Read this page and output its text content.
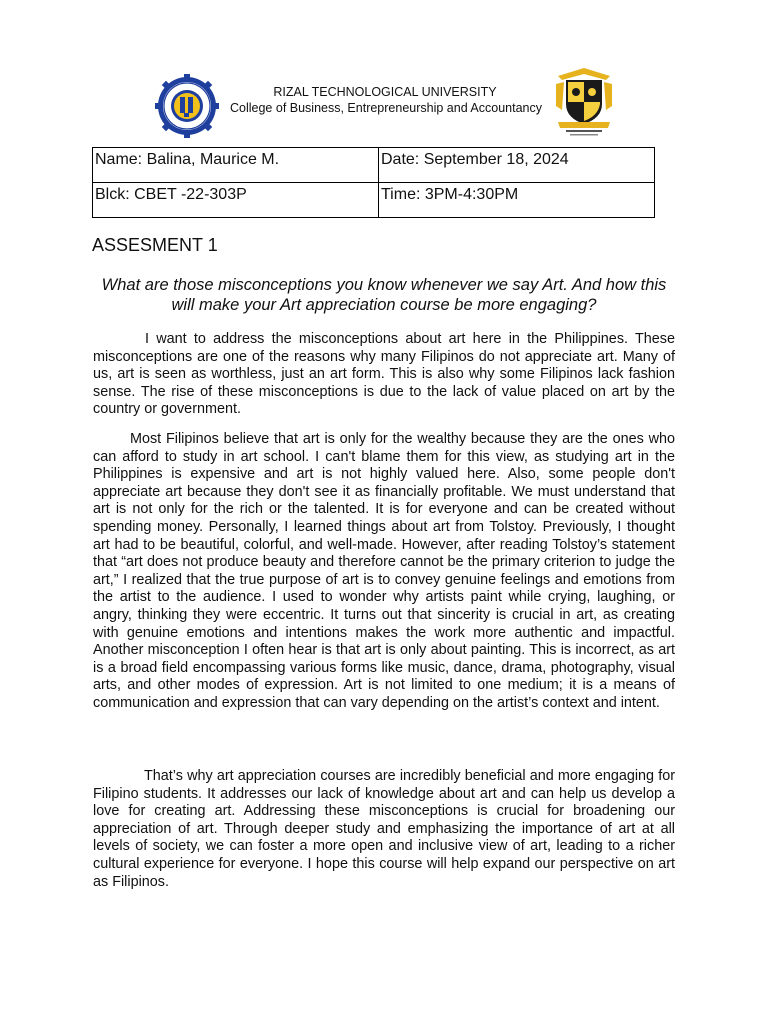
RIZAL TECHNOLOGICAL UNIVERSITY
College of Business, Entrepreneurship and Accountancy
Name: Balina, Maurice M.	Date: September 18, 2024
Blck: CBET -22-303P	Time: 3PM-4:30PM
ASSESMENT 1
What are those misconceptions you know whenever we say Art. And how this will make your Art appreciation course be more engaging?

I want to address the misconceptions about art here in the Philippines. These misconceptions are one of the reasons why many Filipinos do not appreciate art. Many of us, art is seen as worthless, just an art form. This is also why some Filipinos lack fashion sense. The rise of these misconceptions is due to the lack of value placed on art by the country or government.

Most Filipinos believe that art is only for the wealthy because they are the ones who can afford to study in art school. I can't blame them for this view, as studying art in the Philippines is expensive and art is not highly valued here. Also, some people don't appreciate art because they don't see it as financially profitable. We must understand that art is not only for the rich or the talented. It is for everyone and can be created without spending money. Personally, I learned things about art from Tolstoy. Previously, I thought art had to be beautiful, colorful, and well-made. However, after reading Tolstoy’s statement that “art does not produce beauty and therefore cannot be the primary criterion to judge the art,” I realized that the true purpose of art is to convey genuine feelings and emotions from the artist to the audience. I used to wonder why artists paint while crying, laughing, or angry, thinking they were eccentric. It turns out that sincerity is crucial in art, as creating with genuine emotions and intentions makes the work more authentic and impactful. Another misconception I often hear is that art is only about painting. This is incorrect, as art is a broad field encompassing various forms like music, dance, drama, photography, visual arts, and other modes of expression. Art is not limited to one medium; it is a means of communication and expression that can vary depending on the artist’s context and intent.

That’s why art appreciation courses are incredibly beneficial and more engaging for Filipino students. It addresses our lack of knowledge about art and can help us develop a love for creating art. Addressing these misconceptions is crucial for broadening our appreciation of art. Through deeper study and emphasizing the importance of art at all levels of society, we can foster a more open and inclusive view of art, leading to a richer cultural experience for everyone. I hope this course will help expand our perspective on art as Filipinos.
